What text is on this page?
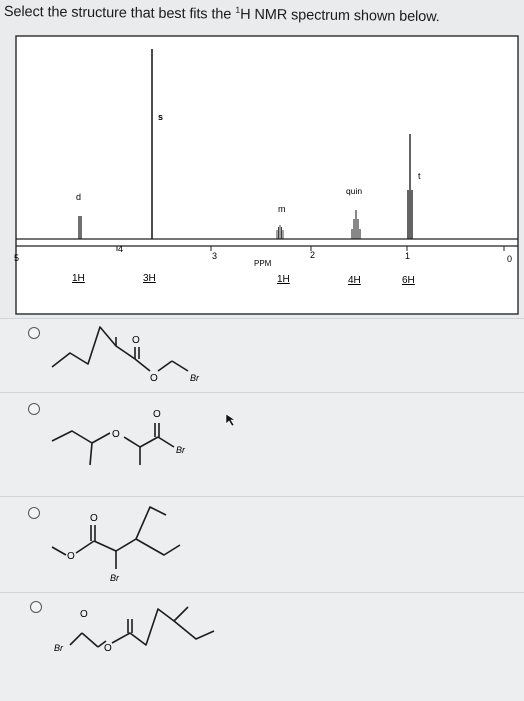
Select the structure that best fits the $^1$H NMR spectrum shown below.
5
4
3	2	1	0
PPM
d
s
m
quin
t
1H	3H	1H	4H	6H
O
O	Br
O
O
Br
O
O
Br
O
O
Br
